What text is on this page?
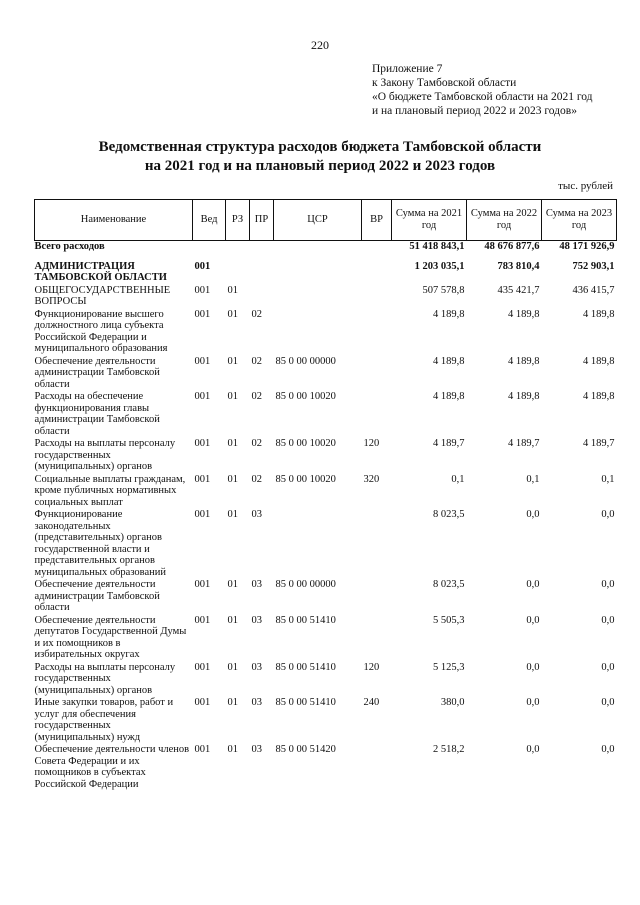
220
Приложение 7
к Закону Тамбовской области
«О бюджете Тамбовской области на 2021 год
и на плановый период 2022 и 2023 годов»
Ведомственная структура расходов бюджета Тамбовской области
на 2021 год и на плановый период 2022 и 2023 годов
тыс. рублей
Наименование	Вед	РЗ	ПР	ЦСР	ВР	Сумма на 2021 год	Сумма на 2022 год	Сумма на 2023 год
Всего расходов						51 418 843,1	48 676 877,6	48 171 926,9

АДМИНИСТРАЦИЯ ТАМБОВСКОЙ ОБЛАСТИ	001					1 203 035,1	783 810,4	752 903,1
ОБЩЕГОСУДАРСТВЕННЫЕ ВОПРОСЫ	001	01				507 578,8	435 421,7	436 415,7
Функционирование высшего должностного лица субъекта Российской Федерации и муниципального образования	001	01	02			4 189,8	4 189,8	4 189,8
Обеспечение деятельности администрации Тамбовской области	001	01	02	85 0 00 00000		4 189,8	4 189,8	4 189,8
Расходы на обеспечение функционирования главы администрации Тамбовской области	001	01	02	85 0 00 10020		4 189,8	4 189,8	4 189,8
Расходы на выплаты персоналу государственных (муниципальных) органов	001	01	02	85 0 00 10020	120	4 189,7	4 189,7	4 189,7
Социальные выплаты гражданам, кроме публичных нормативных социальных выплат	001	01	02	85 0 00 10020	320	0,1	0,1	0,1
Функционирование законодательных (представительных) органов государственной власти и представительных органов муниципальных образований	001	01	03			8 023,5	0,0	0,0
Обеспечение деятельности администрации Тамбовской области	001	01	03	85 0 00 00000		8 023,5	0,0	0,0
Обеспечение деятельности депутатов Государственной Думы и их помощников в избирательных округах	001	01	03	85 0 00 51410		5 505,3	0,0	0,0
Расходы на выплаты персоналу государственных (муниципальных) органов	001	01	03	85 0 00 51410	120	5 125,3	0,0	0,0
Иные закупки товаров, работ и услуг для обеспечения государственных (муниципальных) нужд	001	01	03	85 0 00 51410	240	380,0	0,0	0,0
Обеспечение деятельности членов Совета Федерации и их помощников в субъектах Российской Федерации	001	01	03	85 0 00 51420		2 518,2	0,0	0,0
